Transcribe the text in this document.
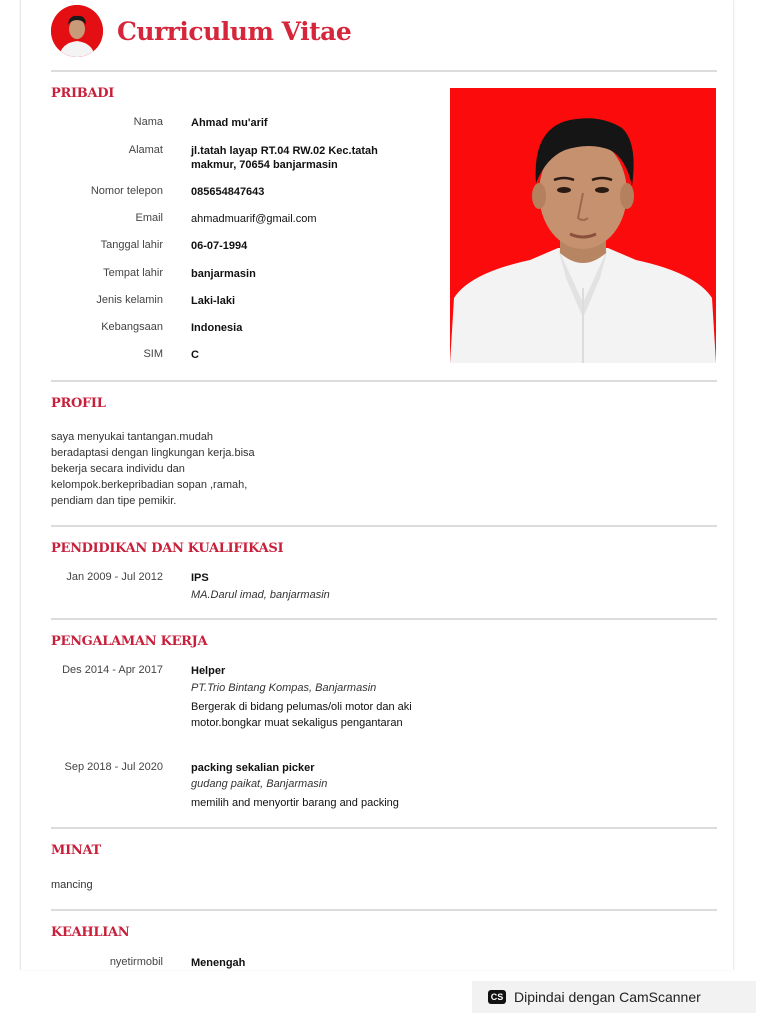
Curriculum Vitae
PRIBADI
Nama	Ahmad mu'arif
Alamat	jl.tatah layap RT.04 RW.02 Kec.tatah makmur, 70654 banjarmasin
Nomor telepon	085654847643
Email	ahmadmuarif@gmail.com
Tanggal lahir	06-07-1994
Tempat lahir	banjarmasin
Jenis kelamin	Laki-laki
Kebangsaan	Indonesia
SIM	C
PROFIL
saya menyukai tantangan.mudah beradaptasi dengan lingkungan kerja.bisa bekerja secara individu dan kelompok.berkepribadian sopan ,ramah, pendiam dan tipe pemikir.
PENDIDIKAN DAN KUALIFIKASI
Jan 2009 - Jul 2012	IPS
MA.Darul imad, banjarmasin
PENGALAMAN KERJA
Des 2014 - Apr 2017	Helper
PT.Trio Bintang Kompas, Banjarmasin
Bergerak di bidang pelumas/oli motor dan aki motor.bongkar muat sekaligus pengantaran
Sep 2018 - Jul 2020	packing sekalian picker
gudang paikat, Banjarmasin
memilih and menyortir barang and packing
MINAT
mancing
KEAHLIAN
nyetirmobil	Menengah
CS Dipindai dengan CamScanner
